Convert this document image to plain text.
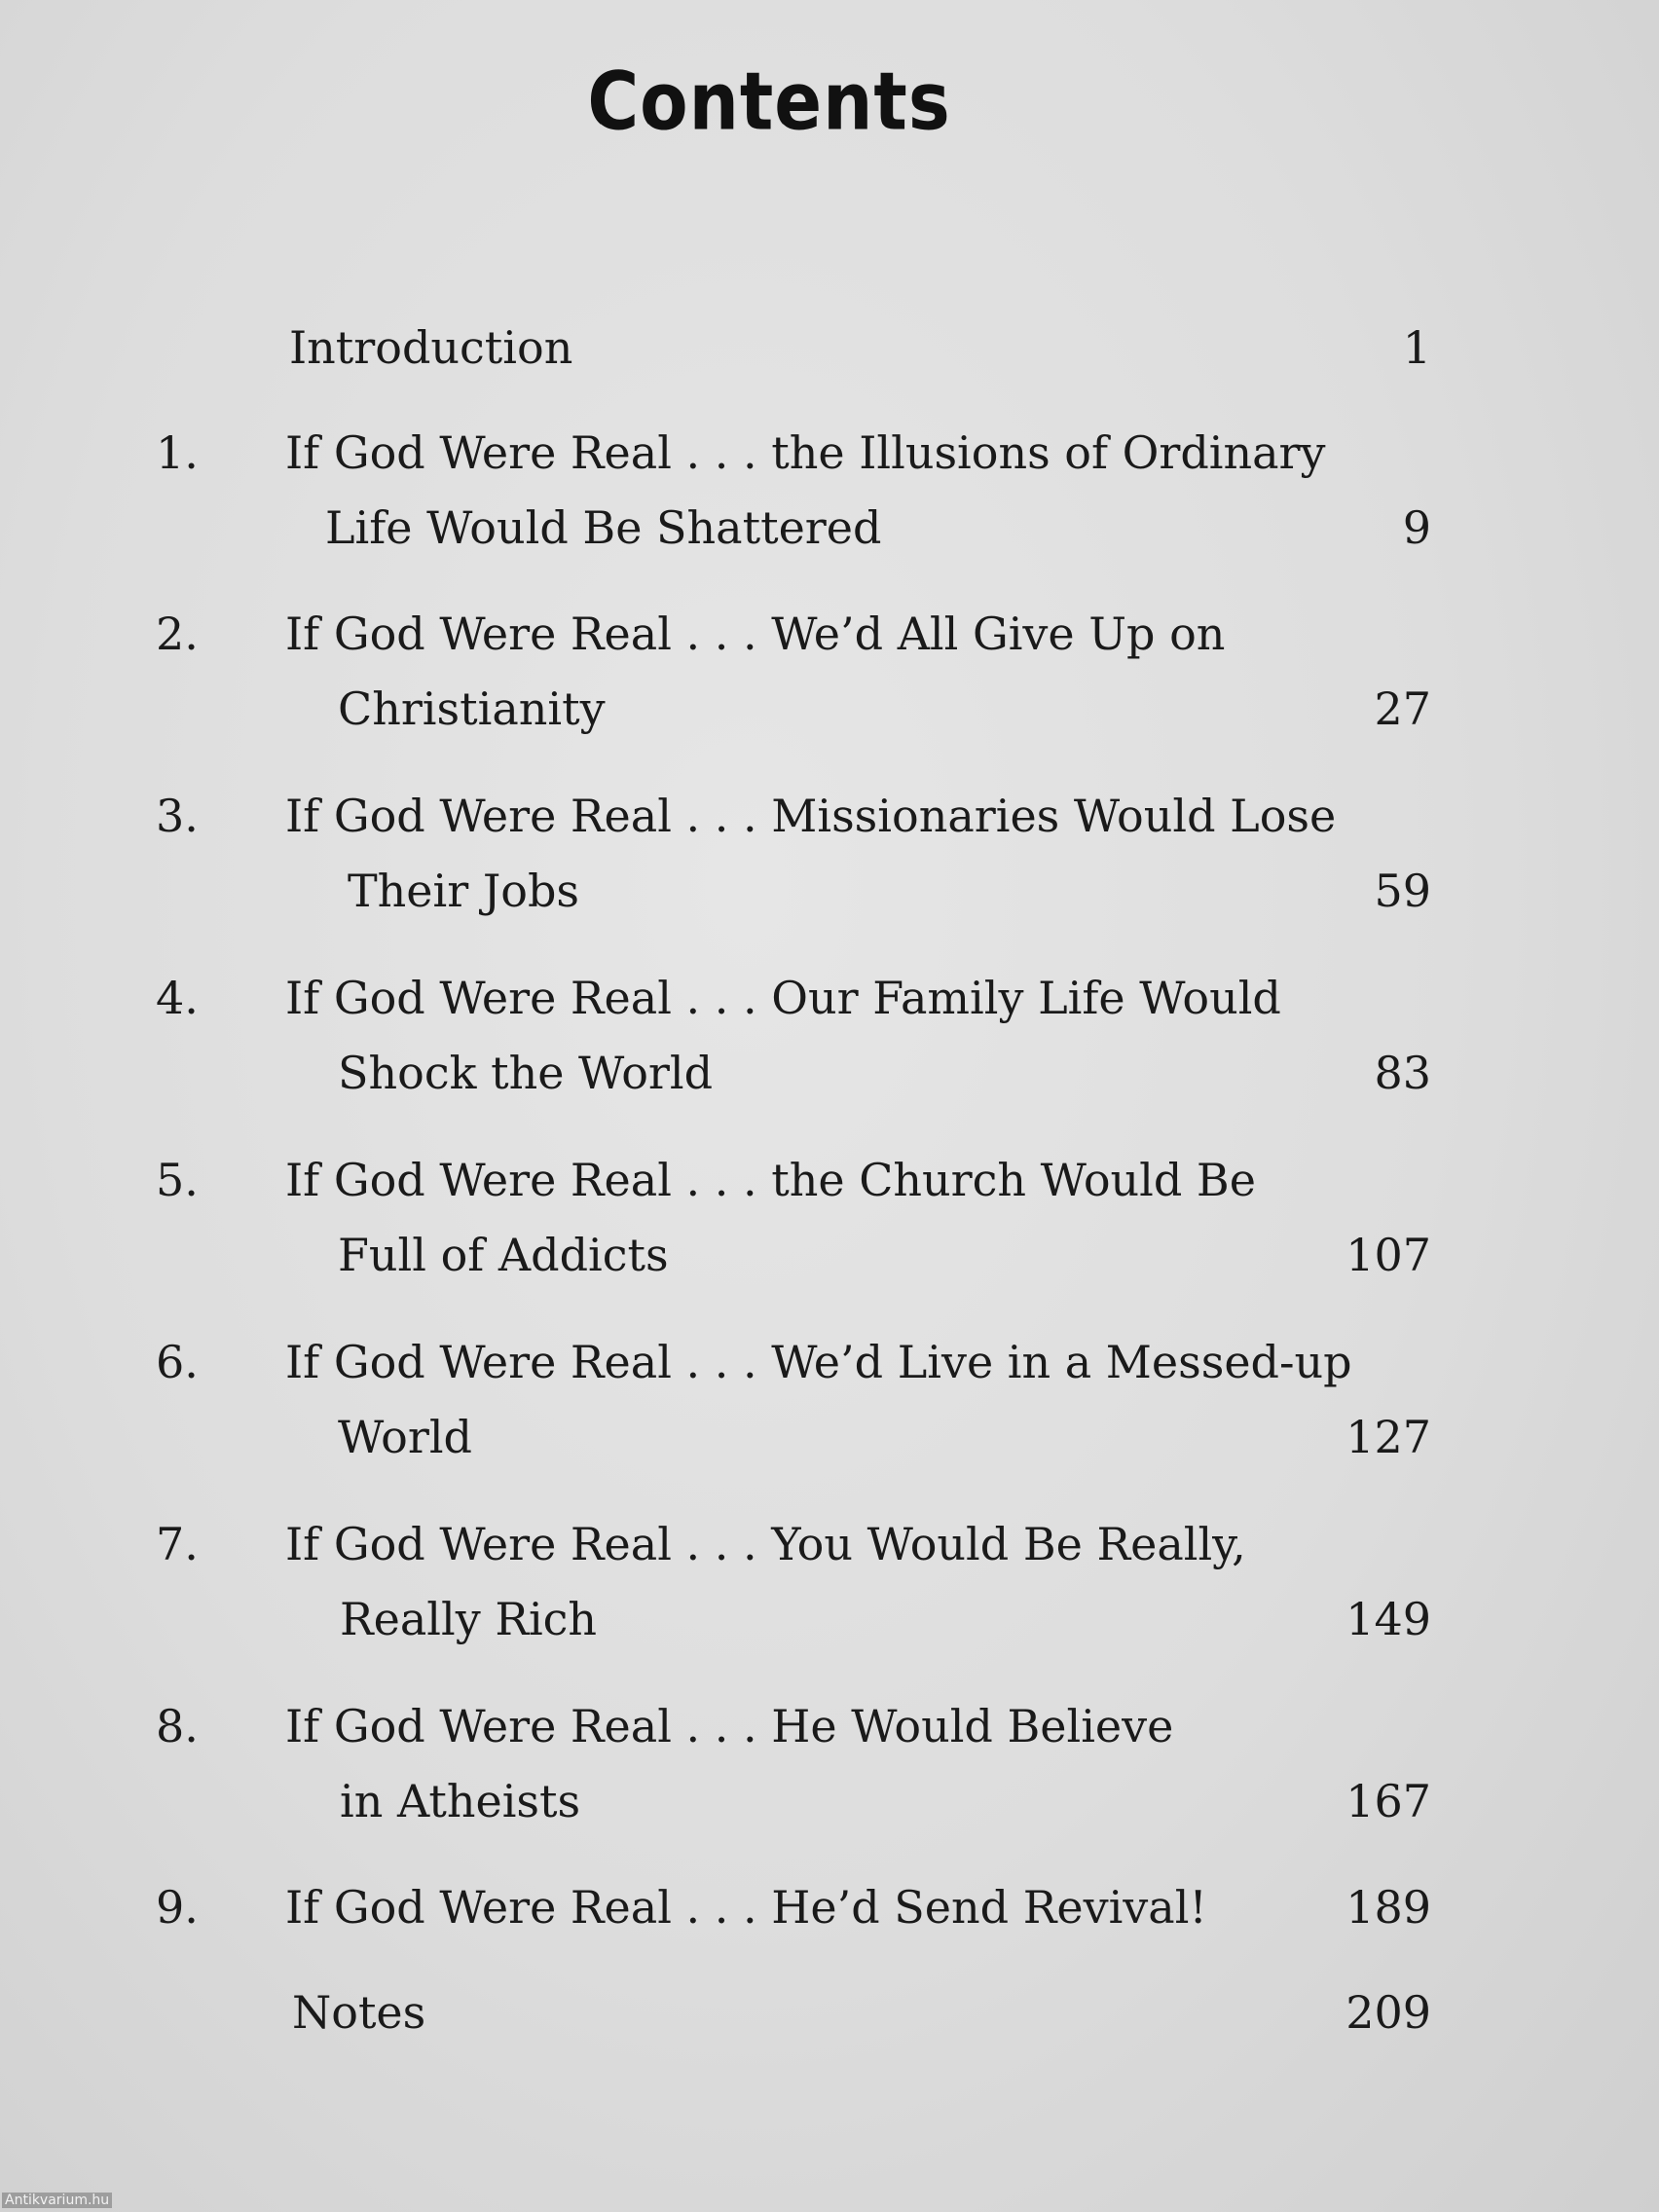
Contents
Introduction	1
1. If God Were Real . . . the Illusions of Ordinary
Life Would Be Shattered	9
2. If God Were Real . . . We’d All Give Up on
Christianity	27
3. If God Were Real . . . Missionaries Would Lose
Their Jobs	59
4. If God Were Real . . . Our Family Life Would
Shock the World	83
5. If God Were Real . . . the Church Would Be
Full of Addicts	107
6. If God Were Real . . . We’d Live in a Messed-up
World	127
7. If God Were Real . . . You Would Be Really,
Really Rich	149
8. If God Were Real . . . He Would Believe
in Atheists	167
9. If God Were Real . . . He’d Send Revival!	189
Notes	209
Antikvarium.hu
